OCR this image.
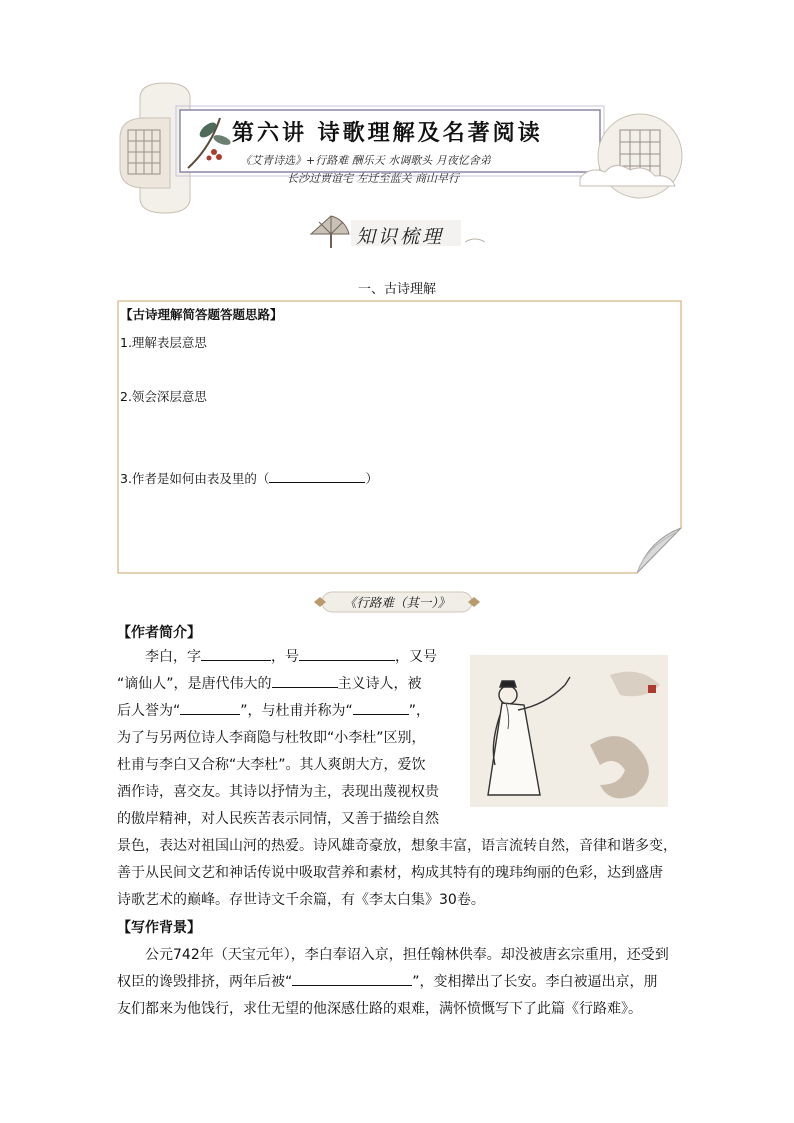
第六讲 诗歌理解及名著阅读
《艾青诗选》+行路难 酬乐天 水调歌头 月夜忆舍弟
长沙过贾谊宅 左迁至蓝关 商山早行
知识梳理
一、古诗理解
【古诗理解简答题答题思路】
1.理解表层意思
2.领会深层意思
3.作者是如何由表及里的（	）
《行路难（其一）》
【作者简介】
李白，字	，号	，又号
“谪仙人”，是唐代伟大的	主义诗人，被
后人誉为“	”，与杜甫并称为“	”，
为了与另两位诗人李商隐与杜牧即“小李杜”区别，
杜甫与李白又合称“大李杜”。其人爽朗大方，爱饮
酒作诗，喜交友。其诗以抒情为主，表现出蔑视权贵
的傲岸精神，对人民疾苦表示同情，又善于描绘自然
景色，表达对祖国山河的热爱。诗风雄奇豪放，想象丰富，语言流转自然，音律和谐多变，
善于从民间文艺和神话传说中吸取营养和素材，构成其特有的瑰玮绚丽的色彩，达到盛唐
诗歌艺术的巅峰。存世诗文千余篇，有《李太白集》30卷。
【写作背景】
公元742年（天宝元年），李白奉诏入京，担任翰林供奉。却没被唐玄宗重用，还受到
权臣的谗毁排挤，两年后被“	”，变相撵出了长安。李白被逼出京，朋
友们都来为他饯行，求仕无望的他深感仕路的艰难，满怀愤慨写下了此篇《行路难》。
